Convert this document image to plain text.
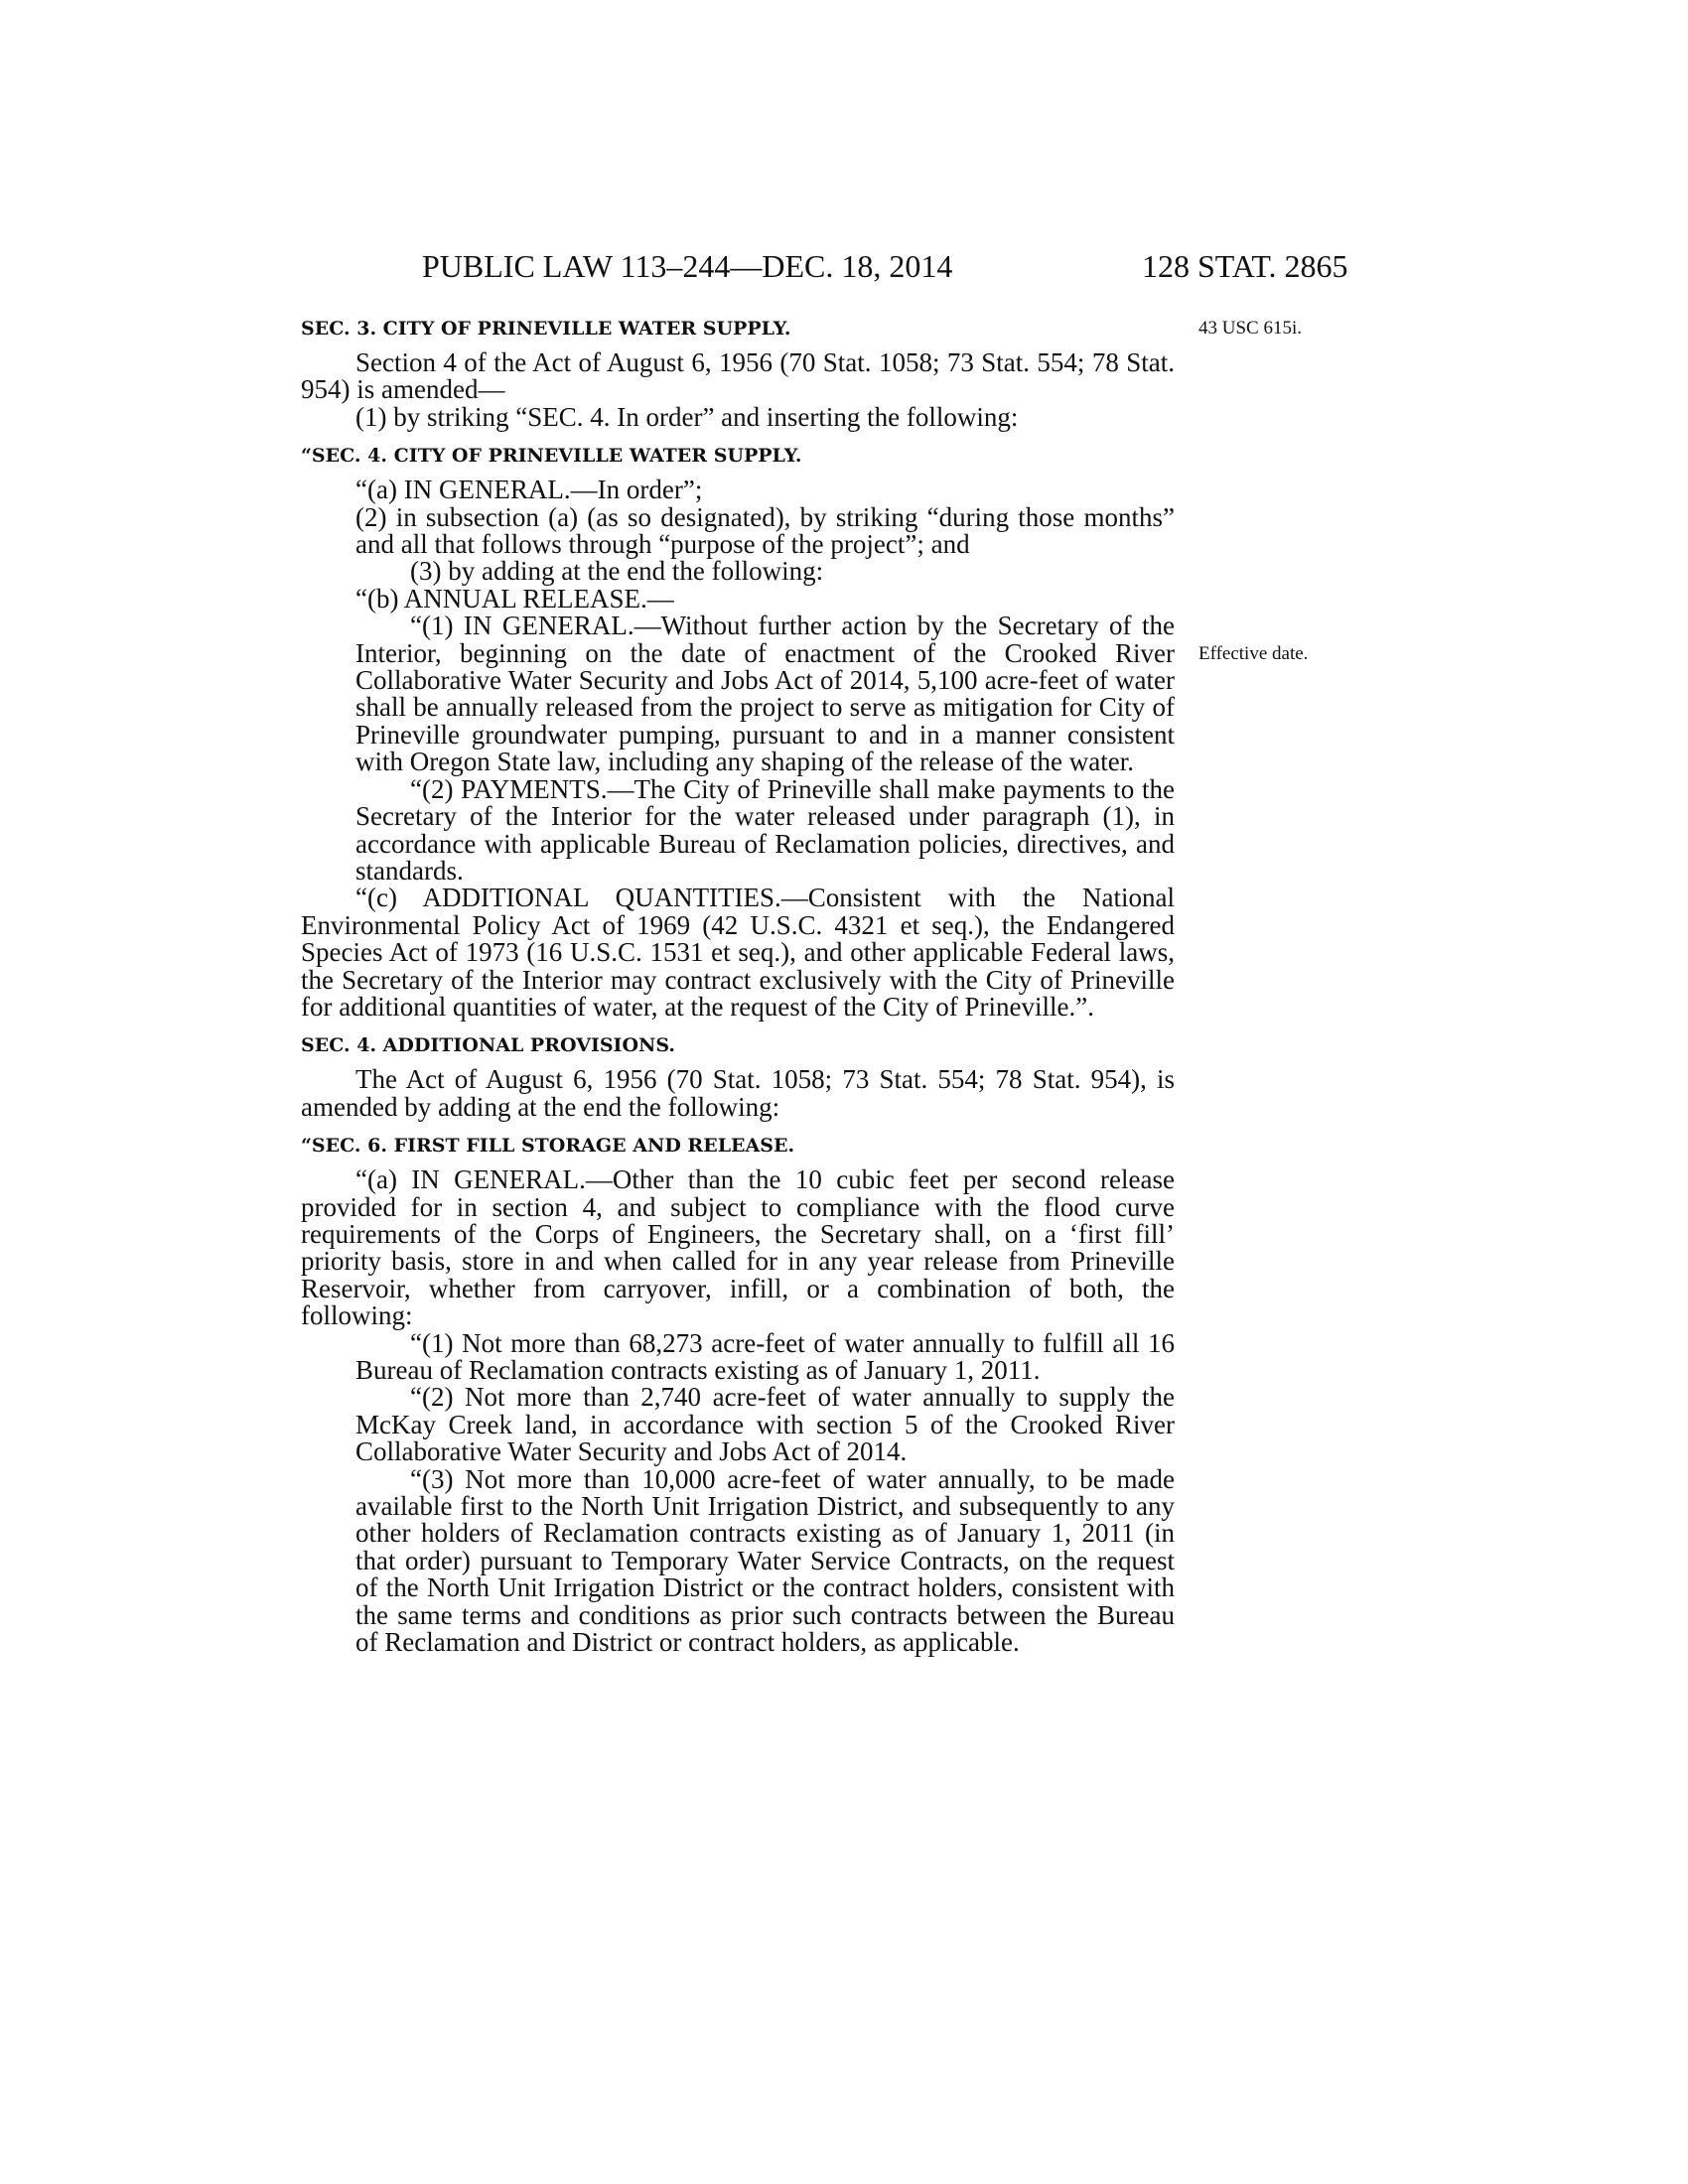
PUBLIC LAW 113–244—DEC. 18, 2014	128 STAT. 2865
43 USC 615i.
Effective date.
SEC. 3. CITY OF PRINEVILLE WATER SUPPLY.

Section 4 of the Act of August 6, 1956 (70 Stat. 1058; 73 Stat. 554; 78 Stat. 954) is amended—

(1) by striking “SEC. 4. In order” and inserting the following:

“SEC. 4. CITY OF PRINEVILLE WATER SUPPLY.

“(a) IN GENERAL.—In order”;

(2) in subsection (a) (as so designated), by striking “during those months” and all that follows through “purpose of the project”; and

(3) by adding at the end the following:

“(b) ANNUAL RELEASE.—

“(1) IN GENERAL.—Without further action by the Secretary of the Interior, beginning on the date of enactment of the Crooked River Collaborative Water Security and Jobs Act of 2014, 5,100 acre-feet of water shall be annually released from the project to serve as mitigation for City of Prineville groundwater pumping, pursuant to and in a manner consistent with Oregon State law, including any shaping of the release of the water.

“(2) PAYMENTS.—The City of Prineville shall make payments to the Secretary of the Interior for the water released under paragraph (1), in accordance with applicable Bureau of Reclamation policies, directives, and standards.

“(c) ADDITIONAL QUANTITIES.—Consistent with the National Environmental Policy Act of 1969 (42 U.S.C. 4321 et seq.), the Endangered Species Act of 1973 (16 U.S.C. 1531 et seq.), and other applicable Federal laws, the Secretary of the Interior may contract exclusively with the City of Prineville for additional quantities of water, at the request of the City of Prineville.”.

SEC. 4. ADDITIONAL PROVISIONS.

The Act of August 6, 1956 (70 Stat. 1058; 73 Stat. 554; 78 Stat. 954), is amended by adding at the end the following:

“SEC. 6. FIRST FILL STORAGE AND RELEASE.

“(a) IN GENERAL.—Other than the 10 cubic feet per second release provided for in section 4, and subject to compliance with the flood curve requirements of the Corps of Engineers, the Secretary shall, on a ‘first fill’ priority basis, store in and when called for in any year release from Prineville Reservoir, whether from carryover, infill, or a combination of both, the following:

“(1) Not more than 68,273 acre-feet of water annually to fulfill all 16 Bureau of Reclamation contracts existing as of January 1, 2011.

“(2) Not more than 2,740 acre-feet of water annually to supply the McKay Creek land, in accordance with section 5 of the Crooked River Collaborative Water Security and Jobs Act of 2014.

“(3) Not more than 10,000 acre-feet of water annually, to be made available first to the North Unit Irrigation District, and subsequently to any other holders of Reclamation contracts existing as of January 1, 2011 (in that order) pursuant to Temporary Water Service Contracts, on the request of the North Unit Irrigation District or the contract holders, consistent with the same terms and conditions as prior such contracts between the Bureau of Reclamation and District or contract holders, as applicable.
